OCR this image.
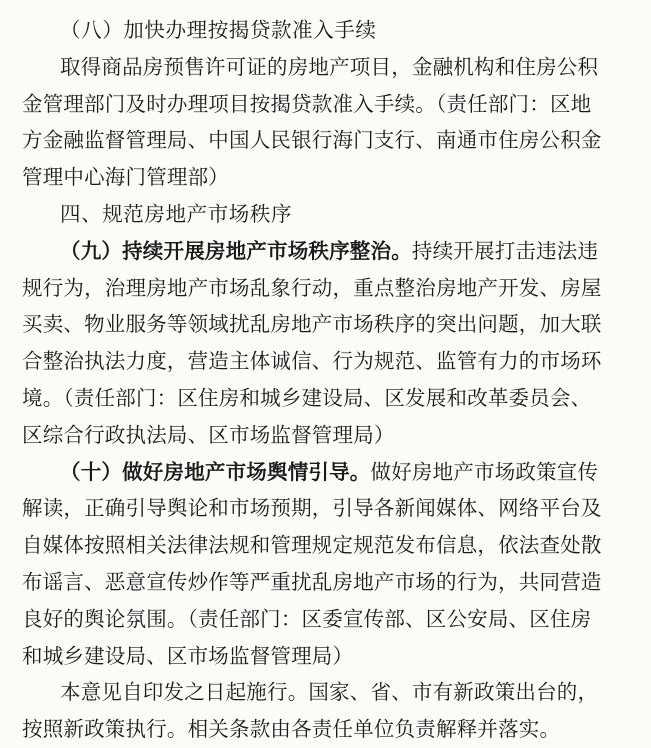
（八）加快办理按揭贷款准入手续
取得商品房预售许可证的房地产项目，金融机构和住房公积
金管理部门及时办理项目按揭贷款准入手续。（责任部门：区地
方金融监督管理局、中国人民银行海门支行、南通市住房公积金
管理中心海门管理部）
四、规范房地产市场秩序
（九）持续开展房地产市场秩序整治。持续开展打击违法违
规行为，治理房地产市场乱象行动，重点整治房地产开发、房屋
买卖、物业服务等领域扰乱房地产市场秩序的突出问题，加大联
合整治执法力度，营造主体诚信、行为规范、监管有力的市场环
境。（责任部门：区住房和城乡建设局、区发展和改革委员会、
区综合行政执法局、区市场监督管理局）
（十）做好房地产市场舆情引导。做好房地产市场政策宣传
解读，正确引导舆论和市场预期，引导各新闻媒体、网络平台及
自媒体按照相关法律法规和管理规定规范发布信息，依法查处散
布谣言、恶意宣传炒作等严重扰乱房地产市场的行为，共同营造
良好的舆论氛围。（责任部门：区委宣传部、区公安局、区住房
和城乡建设局、区市场监督管理局）
本意见自印发之日起施行。国家、省、市有新政策出台的，
按照新政策执行。相关条款由各责任单位负责解释并落实。
